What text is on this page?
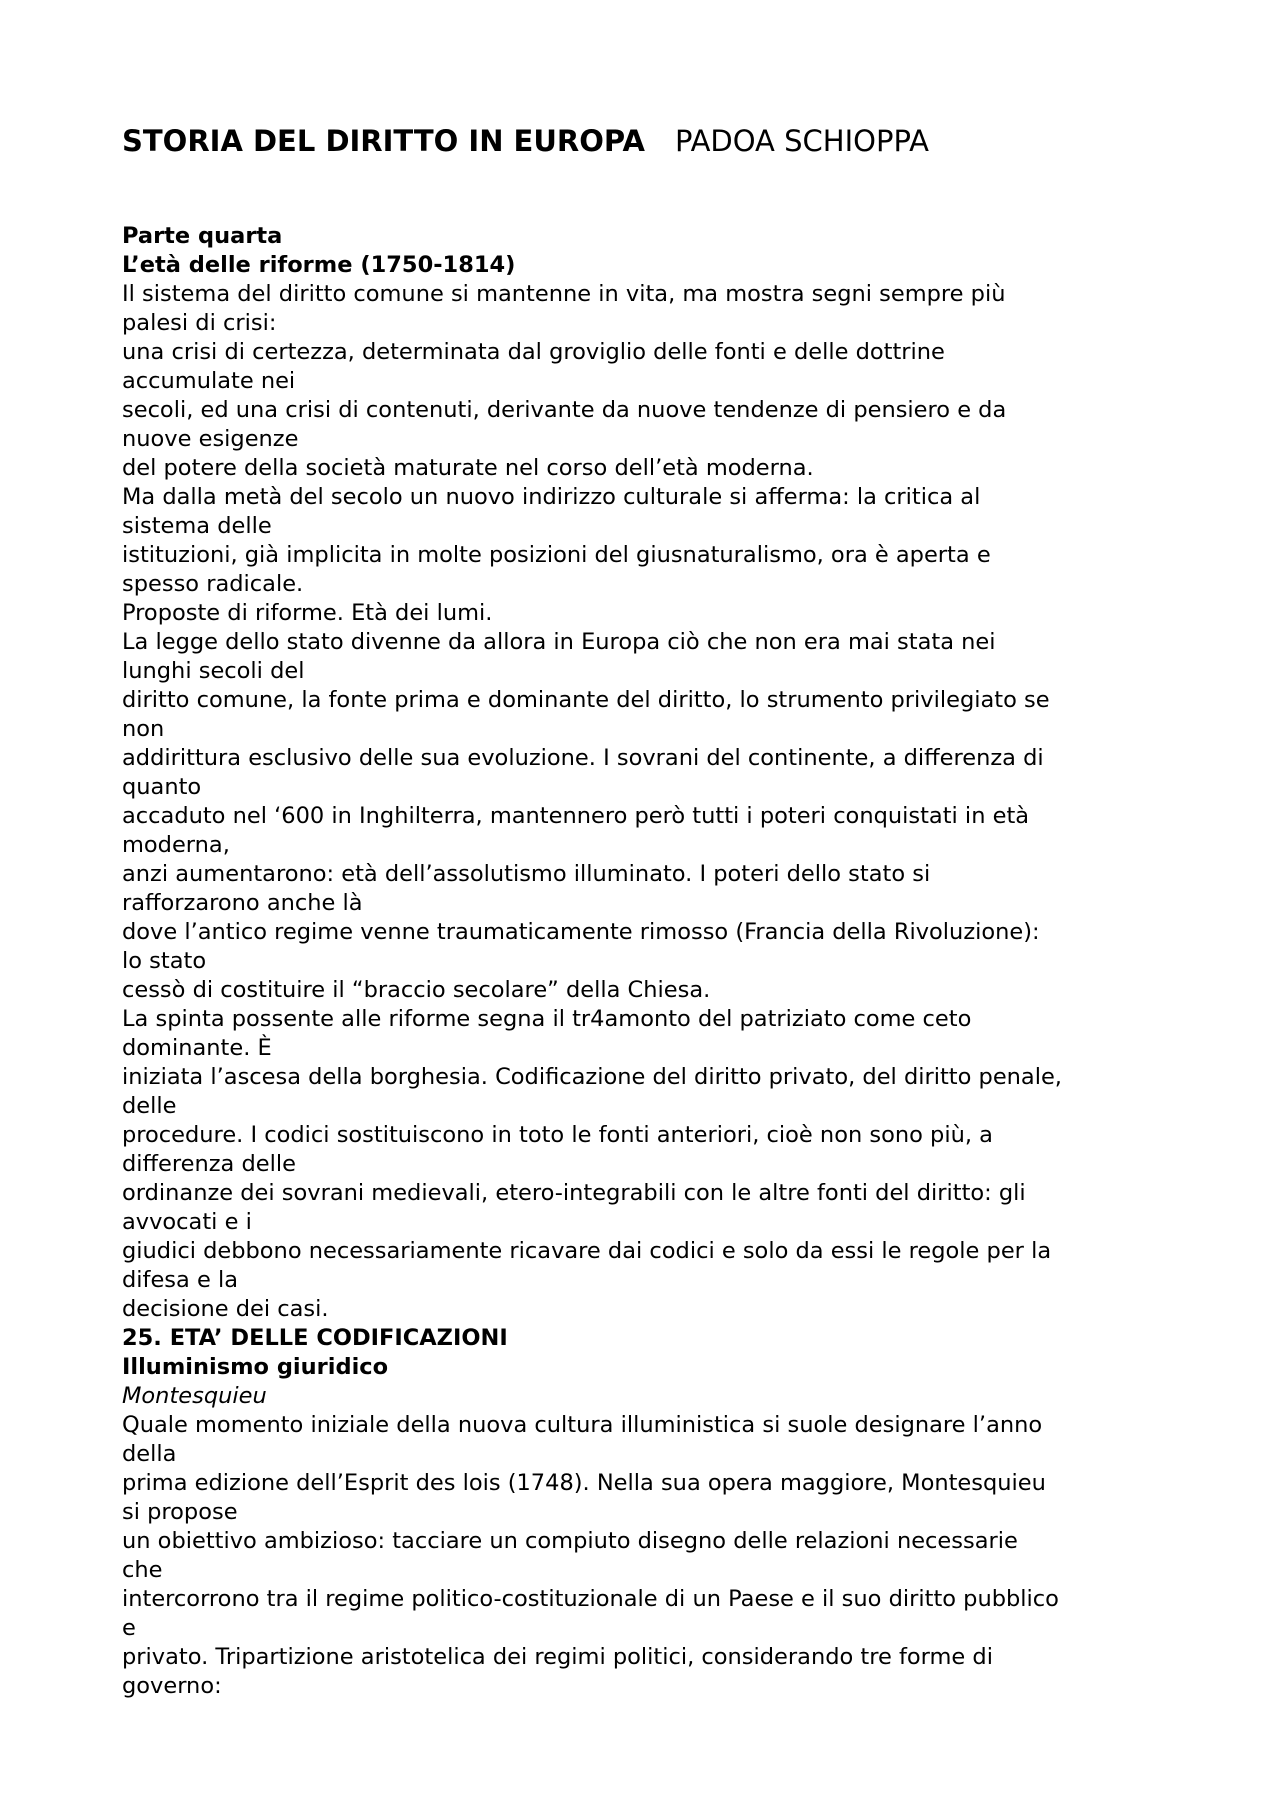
STORIA DEL DIRITTO IN EUROPA PADOA SCHIOPPA
Parte quarta
L’età delle riforme (1750-1814)
Il sistema del diritto comune si mantenne in vita, ma mostra segni sempre più
palesi di crisi:
una crisi di certezza, determinata dal groviglio delle fonti e delle dottrine
accumulate nei
secoli, ed una crisi di contenuti, derivante da nuove tendenze di pensiero e da
nuove esigenze
del potere della società maturate nel corso dell’età moderna.
Ma dalla metà del secolo un nuovo indirizzo culturale si afferma: la critica al
sistema delle
istituzioni, già implicita in molte posizioni del giusnaturalismo, ora è aperta e
spesso radicale.
Proposte di riforme. Età dei lumi.
La legge dello stato divenne da allora in Europa ciò che non era mai stata nei
lunghi secoli del
diritto comune, la fonte prima e dominante del diritto, lo strumento privilegiato se
non
addirittura esclusivo delle sua evoluzione. I sovrani del continente, a differenza di
quanto
accaduto nel ‘600 in Inghilterra, mantennero però tutti i poteri conquistati in età
moderna,
anzi aumentarono: età dell’assolutismo illuminato. I poteri dello stato si
rafforzarono anche là
dove l’antico regime venne traumaticamente rimosso (Francia della Rivoluzione):
lo stato
cessò di costituire il “braccio secolare” della Chiesa.
La spinta possente alle riforme segna il tr4amonto del patriziato come ceto
dominante. È
iniziata l’ascesa della borghesia. Codificazione del diritto privato, del diritto penale,
delle
procedure. I codici sostituiscono in toto le fonti anteriori, cioè non sono più, a
differenza delle
ordinanze dei sovrani medievali, etero-integrabili con le altre fonti del diritto: gli
avvocati e i
giudici debbono necessariamente ricavare dai codici e solo da essi le regole per la
difesa e la
decisione dei casi.
25. ETA’ DELLE CODIFICAZIONI
Illuminismo giuridico
Montesquieu
Quale momento iniziale della nuova cultura illuministica si suole designare l’anno
della
prima edizione dell’Esprit des lois (1748). Nella sua opera maggiore, Montesquieu
si propose
un obiettivo ambizioso: tacciare un compiuto disegno delle relazioni necessarie
che
intercorrono tra il regime politico-costituzionale di un Paese e il suo diritto pubblico
e
privato. Tripartizione aristotelica dei regimi politici, considerando tre forme di
governo:
